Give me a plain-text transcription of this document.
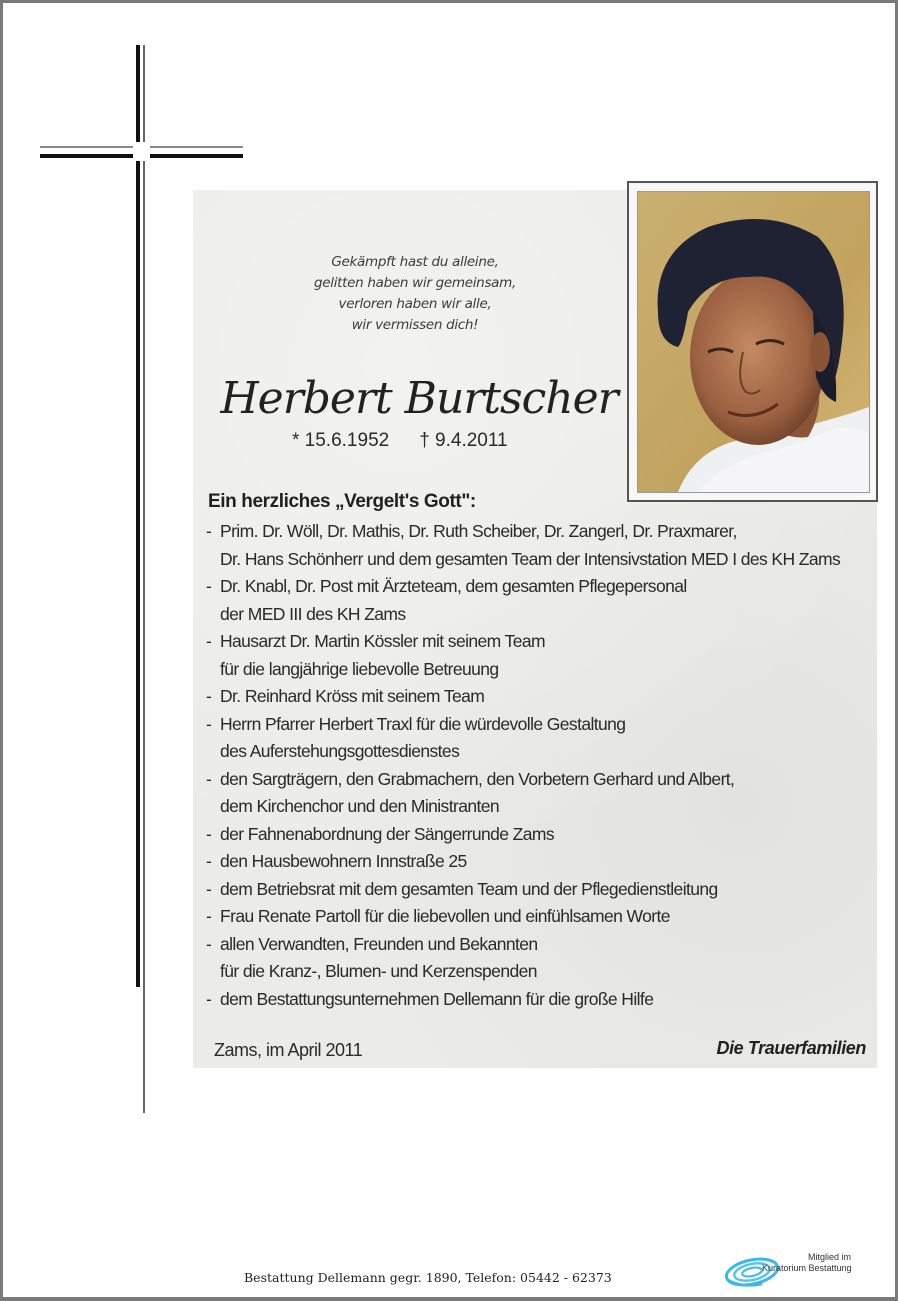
Gekämpft hast du alleine,
gelitten haben wir gemeinsam,
verloren haben wir alle,
wir vermissen dich!
Herbert Burtscher
* 15.6.1952 † 9.4.2011
Ein herzliches „Vergelt's Gott":
- Prim. Dr. Wöll, Dr. Mathis, Dr. Ruth Scheiber, Dr. Zangerl, Dr. Praxmarer,
Dr. Hans Schönherr und dem gesamten Team der Intensivstation MED I des KH Zams
- Dr. Knabl, Dr. Post mit Ärzteteam, dem gesamten Pflegepersonal
der MED III des KH Zams
- Hausarzt Dr. Martin Kössler mit seinem Team
für die langjährige liebevolle Betreuung
- Dr. Reinhard Kröss mit seinem Team
- Herrn Pfarrer Herbert Traxl für die würdevolle Gestaltung
des Auferstehungsgottesdienstes
- den Sargträgern, den Grabmachern, den Vorbetern Gerhard und Albert,
dem Kirchenchor und den Ministranten
- der Fahnenabordnung der Sängerrunde Zams
- den Hausbewohnern Innstraße 25
- dem Betriebsrat mit dem gesamten Team und der Pflegedienstleitung
- Frau Renate Partoll für die liebevollen und einfühlsamen Worte
- allen Verwandten, Freunden und Bekannten
für die Kranz-, Blumen- und Kerzenspenden
- dem Bestattungsunternehmen Dellemann für die große Hilfe
Zams, im April 2011	Die Trauerfamilien
Bestattung Dellemann gegr. 1890, Telefon: 05442 - 62373
Mitglied im
Kuratorium Bestattung
